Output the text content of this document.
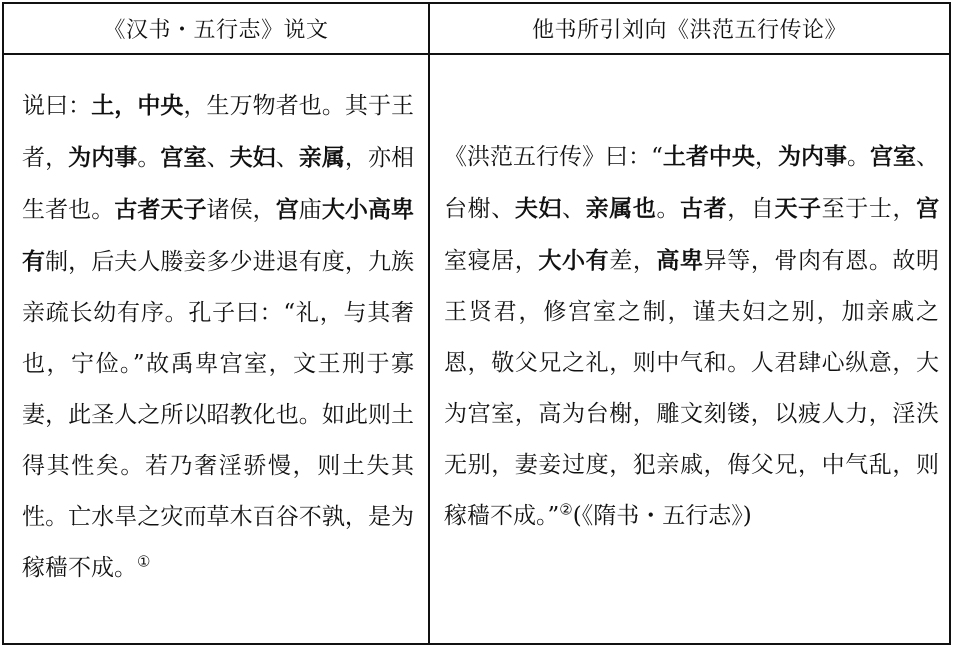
《汉书・五行志》说文	他书所引刘向《洪范五行传论》
说曰：土，中央，生万物者也。其于王者，为内事。宫室、夫妇、亲属，亦相生者也。古者天子诸侯，宫庙大小高卑有制，后夫人媵妾多少进退有度，九族亲疏长幼有序。孔子曰：“礼，与其奢也，宁俭。”故禹卑宫室，文王刑于寡妻，此圣人之所以昭教化也。如此则土得其性矣。若乃奢淫骄慢，则土失其性。亡水旱之灾而草木百谷不孰，是为稼穑不成。①
《洪范五行传》曰：“土者中央，为内事。宫室、台榭、夫妇、亲属也。古者，自天子至于士，宫室寝居，大小有差，高卑异等，骨肉有恩。故明王贤君，修宫室之制，谨夫妇之别，加亲戚之恩，敬父兄之礼，则中气和。人君肆心纵意，大为宫室，高为台榭，雕文刻镂，以疲人力，淫泆无别，妻妾过度，犯亲戚，侮父兄，中气乱，则稼穑不成。”②(《隋书・五行志》)
